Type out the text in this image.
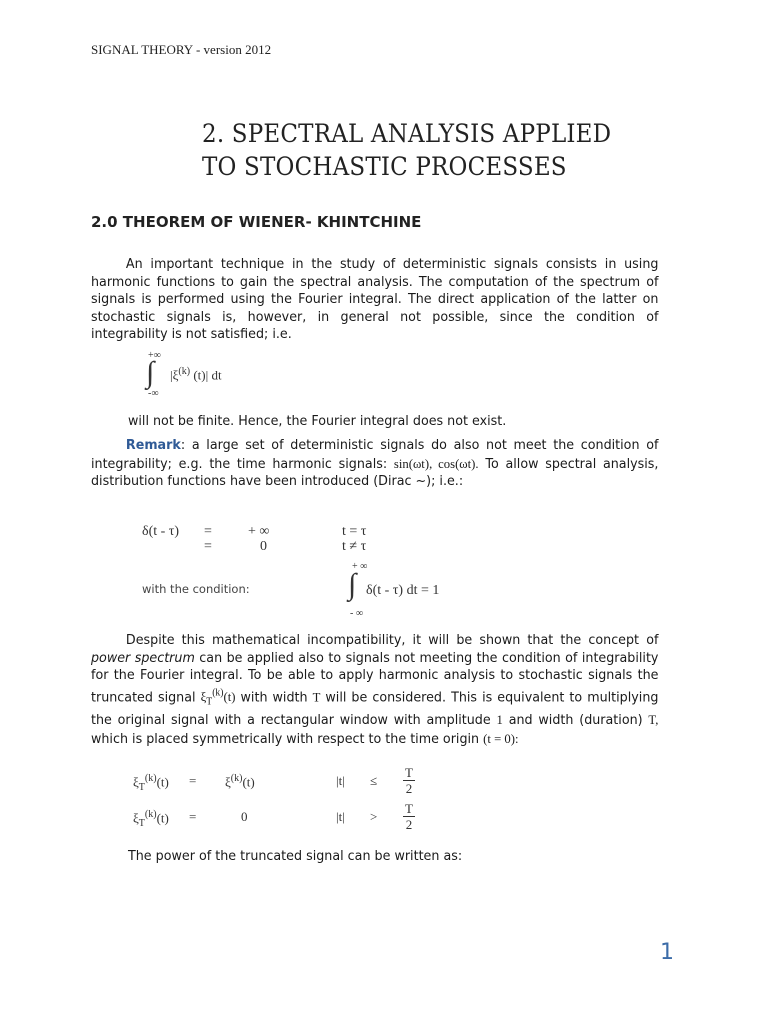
SIGNAL THEORY - version 2012
2. SPECTRAL ANALYSIS APPLIED
TO STOCHASTIC PROCESSES
2.0 THEOREM OF WIENER- KHINTCHINE
An important technique in the study of deterministic signals consists in using harmonic functions to gain the spectral analysis. The computation of the spectrum of signals is performed using the Fourier integral. The direct application of the latter on stochastic signals is, however, in general not possible, since the condition of integrability is not satisfied; i.e.
+∞
∫
-∞
$|\xi^{(k)}$ (t)| dt
will not be finite. Hence, the Fourier integral does not exist.
Remark: a large set of deterministic signals do also not meet the condition of integrability; e.g. the time harmonic signals: sin(ωt), cos(ωt). To allow spectral analysis, distribution functions have been introduced (Dirac ~); i.e.:
δ(t - τ) =	+ ∞	t = τ
=	0	t ≠ τ
+ ∞
with the condition:	∫ δ(t - τ) dt = 1
- ∞
Despite this mathematical incompatibility, it will be shown that the concept of power spectrum can be applied also to signals not meeting the condition of integrability for the Fourier integral. To be able to apply harmonic analysis to stochastic signals the truncated signal $\xi_T^{(k)}(t)$ with width T will be considered. This is equivalent to multiplying the original signal with a rectangular window with amplitude 1 and width (duration) T, which is placed symmetrically with respect to the time origin (t = 0):
$\xi_T^{(k)}(t) = \xi^{(k)}(t)$	$|t| \le \frac{T}{2}$
$\xi_T^{(k)}(t)$ =	0	$|t| > \frac{T}{2}$
The power of the truncated signal can be written as:
1
